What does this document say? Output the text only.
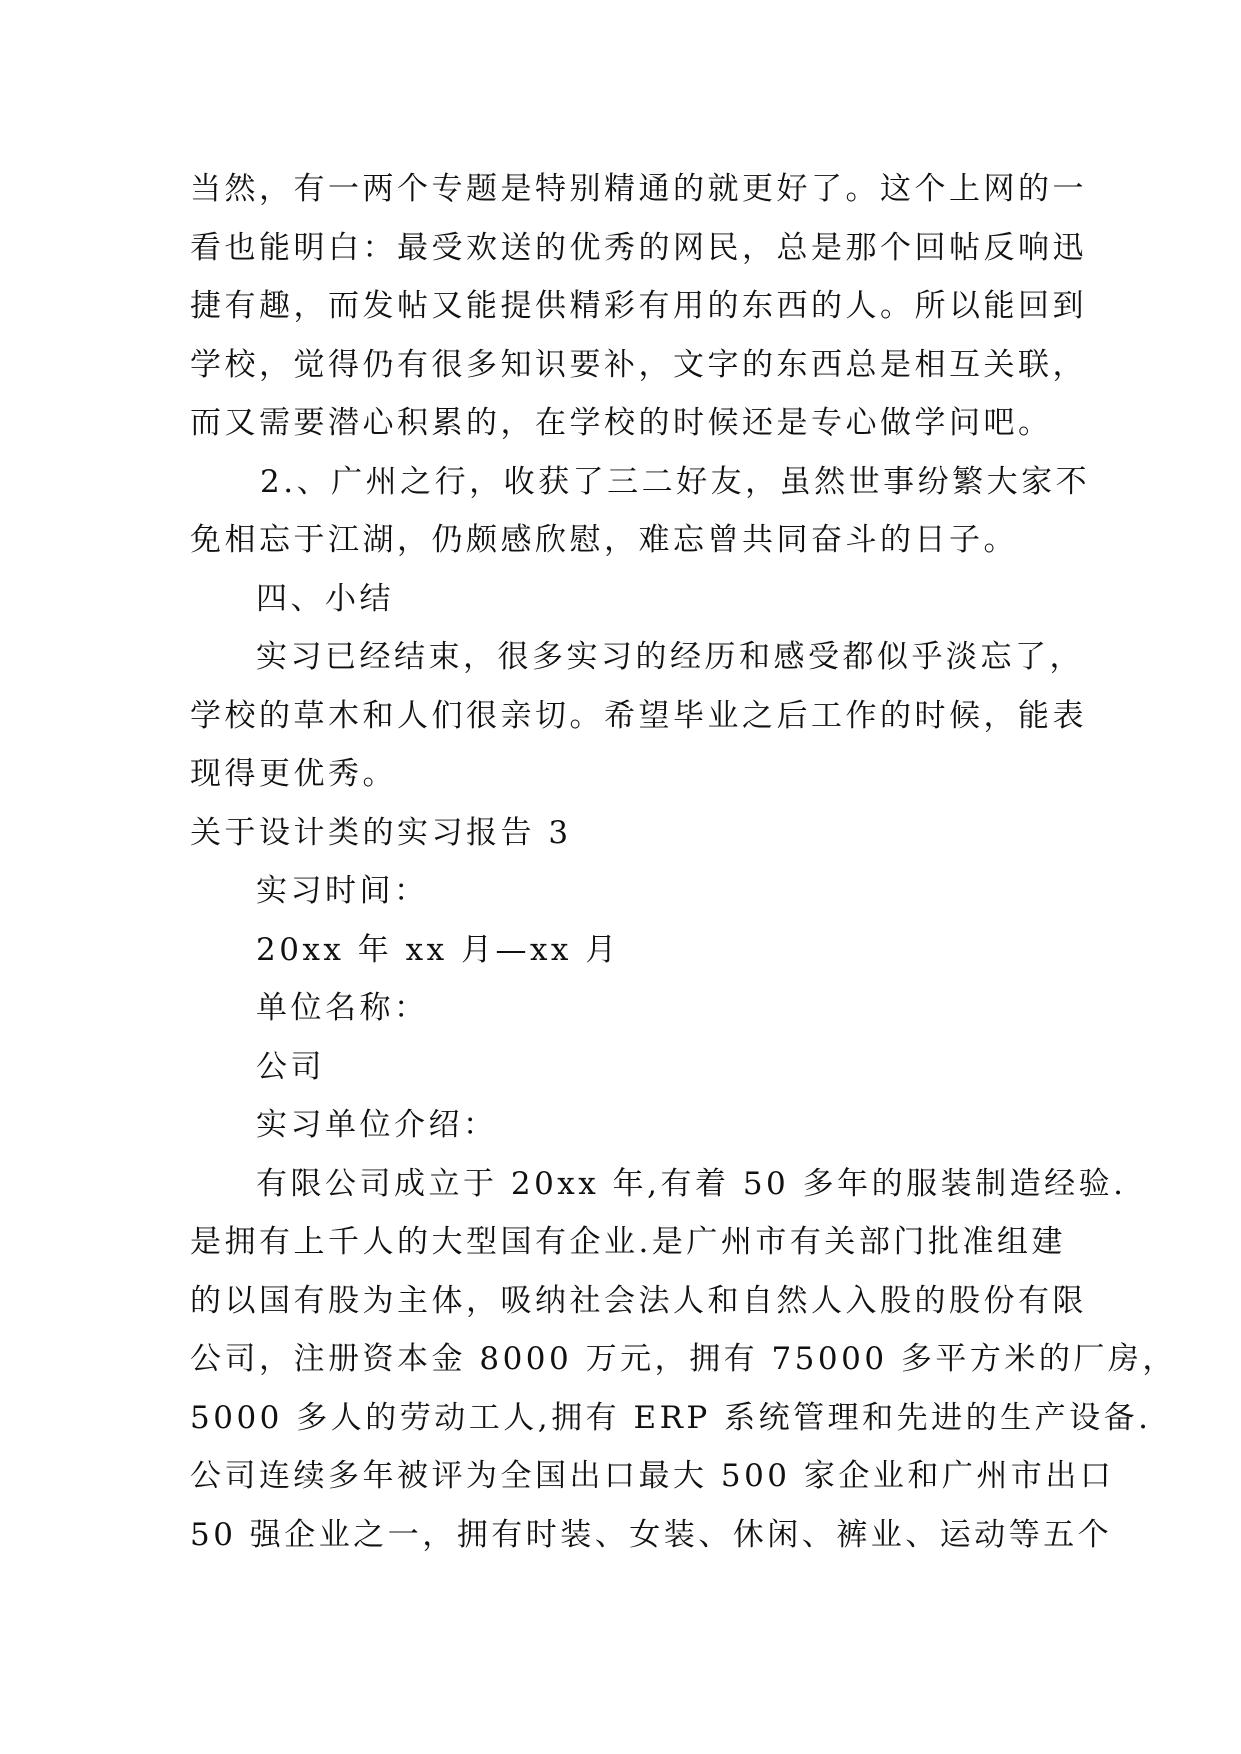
当然，有一两个专题是特别精通的就更好了。这个上网的一
看也能明白：最受欢送的优秀的网民，总是那个回帖反响迅
捷有趣，而发帖又能提供精彩有用的东西的人。所以能回到
学校，觉得仍有很多知识要补，文字的东西总是相互关联，
而又需要潜心积累的，在学校的时候还是专心做学问吧。
2.、广州之行，收获了三二好友，虽然世事纷繁大家不
免相忘于江湖，仍颇感欣慰，难忘曾共同奋斗的日子。
四、小结
实习已经结束，很多实习的经历和感受都似乎淡忘了，
学校的草木和人们很亲切。希望毕业之后工作的时候，能表
现得更优秀。
关于设计类的实习报告 3
实习时间：
20xx 年 xx 月—xx 月
单位名称：
公司
实习单位介绍：
有限公司成立于 20xx 年,有着 50 多年的服装制造经验.
是拥有上千人的大型国有企业.是广州市有关部门批准组建
的以国有股为主体，吸纳社会法人和自然人入股的股份有限
公司，注册资本金 8000 万元，拥有 75000 多平方米的厂房，
5000 多人的劳动工人,拥有 ERP 系统管理和先进的生产设备.
公司连续多年被评为全国出口最大 500 家企业和广州市出口
50 强企业之一，拥有时装、女装、休闲、裤业、运动等五个
